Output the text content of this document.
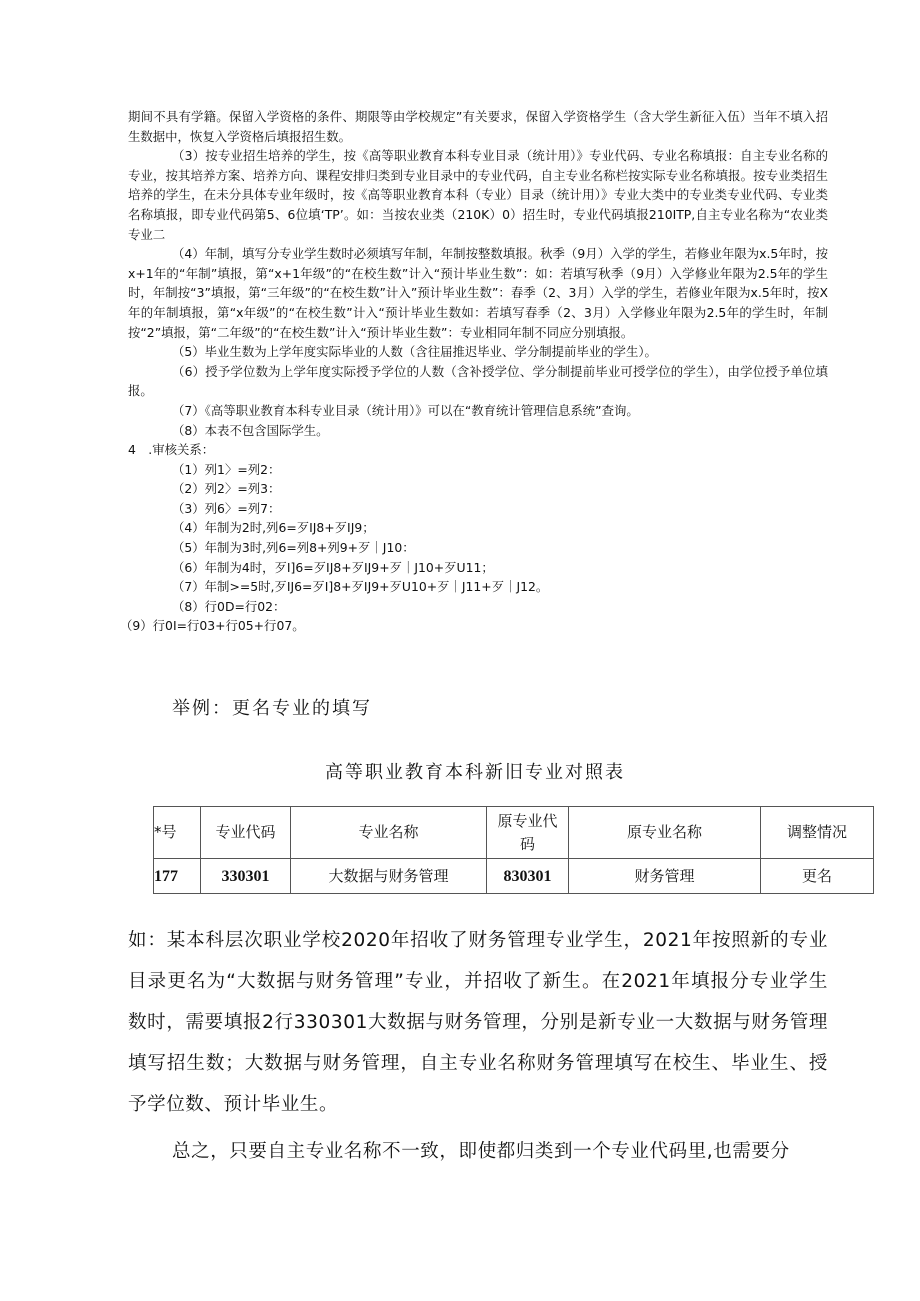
期间不具有学籍。保留入学资格的条件、期限等由学校规定”有关要求，保留入学资格学生（含大学生新征入伍）当年不填入招生数据中，恢复入学资格后填报招生数。

（3）按专业招生培养的学生，按《高等职业教育本科专业目录（统计用）》专业代码、专业名称填报：自主专业名称的专业，按其培养方案、培养方向、课程安排归类到专业目录中的专业代码，自主专业名称栏按实际专业名称填报。按专业类招生培养的学生，在未分具体专业年级时，按《高等职业教育本科（专业）目录（统计用）》专业大类中的专业类专业代码、专业类名称填报，即专业代码第5、6位填‘TP’。如：当按农业类（210K）0）招生时，专业代码填报210ITP,自主专业名称为“农业类专业二

（4）年制，填写分专业学生数时必须填写年制，年制按整数填报。秋季（9月）入学的学生，若修业年限为x.5年时，按x+1年的“年制”填报，第“x+1年级”的“在校生数”计入“预计毕业生数”：如：若填写秋季（9月）入学修业年限为2.5年的学生时，年制按“3”填报，第“三年级”的“在校生数”计入”预计毕业生数”：春季（2、3月）入学的学生，若修业年限为x.5年时，按X年的年制填报，第“x年级”的“在校生数”计入“预计毕业生数如：若填写春季（2、3月）入学修业年限为2.5年的学生时，年制按“2”填报，第“二年级”的“在校生数”计入“预计毕业生数”：专业相同年制不同应分别填报。

（5）毕业生数为上学年度实际毕业的人数（含往届推迟毕业、学分制提前毕业的学生）。

（6）授予学位数为上学年度实际授予学位的人数（含补授学位、学分制提前毕业可授学位的学生），由学位授予单位填报。

（7）《高等职业教育本科专业目录（统计用）》可以在“教育统计管理信息系统”查询。

（8）本表不包含国际学生。

4　.审核关系：

（1）列1〉=列2：

（2）列2〉=列3：

（3）列6〉=列7：

（4）年制为2时,列6=歹IJ8+歹IJ9；

（5）年制为3时,列6=列8+列9+歹｜J10：

（6）年制为4时，歹I]6=歹IJ8+歹IJ9+歹｜J10+歹U11；

（7）年制>=5时,歹IJ6=歹I]8+歹IJ9+歹U10+歹｜J11+歹｜J12。

（8）行0D=行02：

（9）行0I=行03+行05+行07。

举例：更名专业的填写
高等职业教育本科新旧专业对照表
*号	专业代码	专业名称	原专业代码	原专业名称	调整情况
177	330301	大数据与财务管理	830301	财务管理	更名

如：某本科层次职业学校2020年招收了财务管理专业学生，2021年按照新的专业目录更名为“大数据与财务管理”专业，并招收了新生。在2021年填报分专业学生数时，需要填报2行330301大数据与财务管理，分别是新专业一大数据与财务管理填写招生数；大数据与财务管理，自主专业名称财务管理填写在校生、毕业生、授予学位数、预计毕业生。

总之，只要自主专业名称不一致，即使都归类到一个专业代码里,也需要分
